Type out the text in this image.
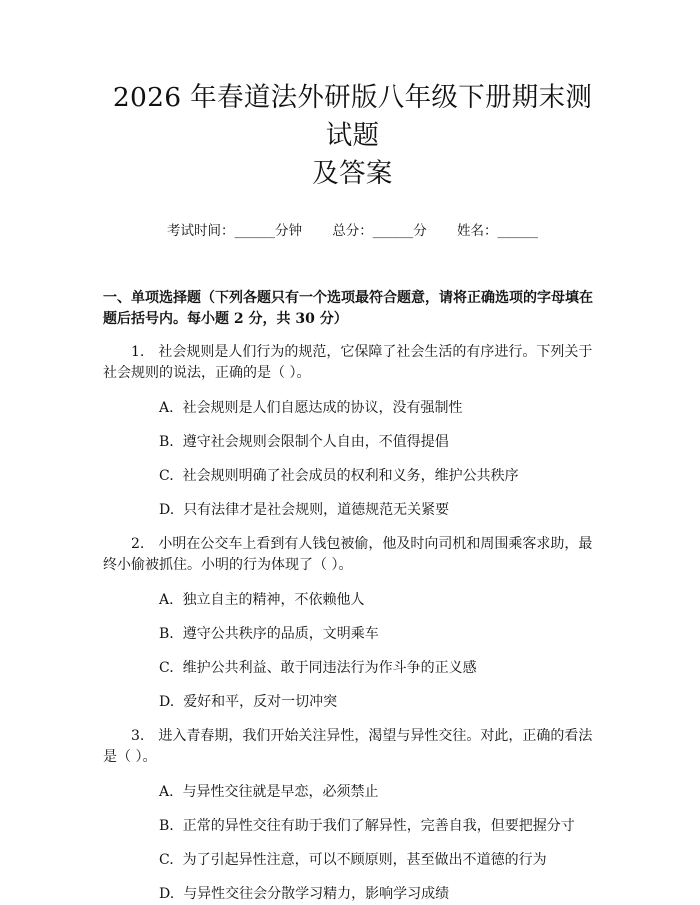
2026 年春道法外研版八年级下册期末测试题
及答案
考试时间：______分钟 总分：______分 姓名：______

一、单项选择题（下列各题只有一个选项最符合题意，请将正确选项的字母填在题后括号内。每小题 2 分，共 30 分）

1. 社会规则是人们行为的规范，它保障了社会生活的有序进行。下列关于社会规则的说法，正确的是（ ）。

A. 社会规则是人们自愿达成的协议，没有强制性
B. 遵守社会规则会限制个人自由，不值得提倡
C. 社会规则明确了社会成员的权利和义务，维护公共秩序
D. 只有法律才是社会规则，道德规范无关紧要

2. 小明在公交车上看到有人钱包被偷，他及时向司机和周围乘客求助，最终小偷被抓住。小明的行为体现了（ ）。

A. 独立自主的精神，不依赖他人
B. 遵守公共秩序的品质，文明乘车
C. 维护公共利益、敢于同违法行为作斗争的正义感
D. 爱好和平，反对一切冲突

3. 进入青春期，我们开始关注异性，渴望与异性交往。对此，正确的看法是（ ）。

A. 与异性交往就是早恋，必须禁止
B. 正常的异性交往有助于我们了解异性，完善自我，但要把握分寸
C. 为了引起异性注意，可以不顾原则，甚至做出不道德的行为
D. 与异性交往会分散学习精力，影响学习成绩
